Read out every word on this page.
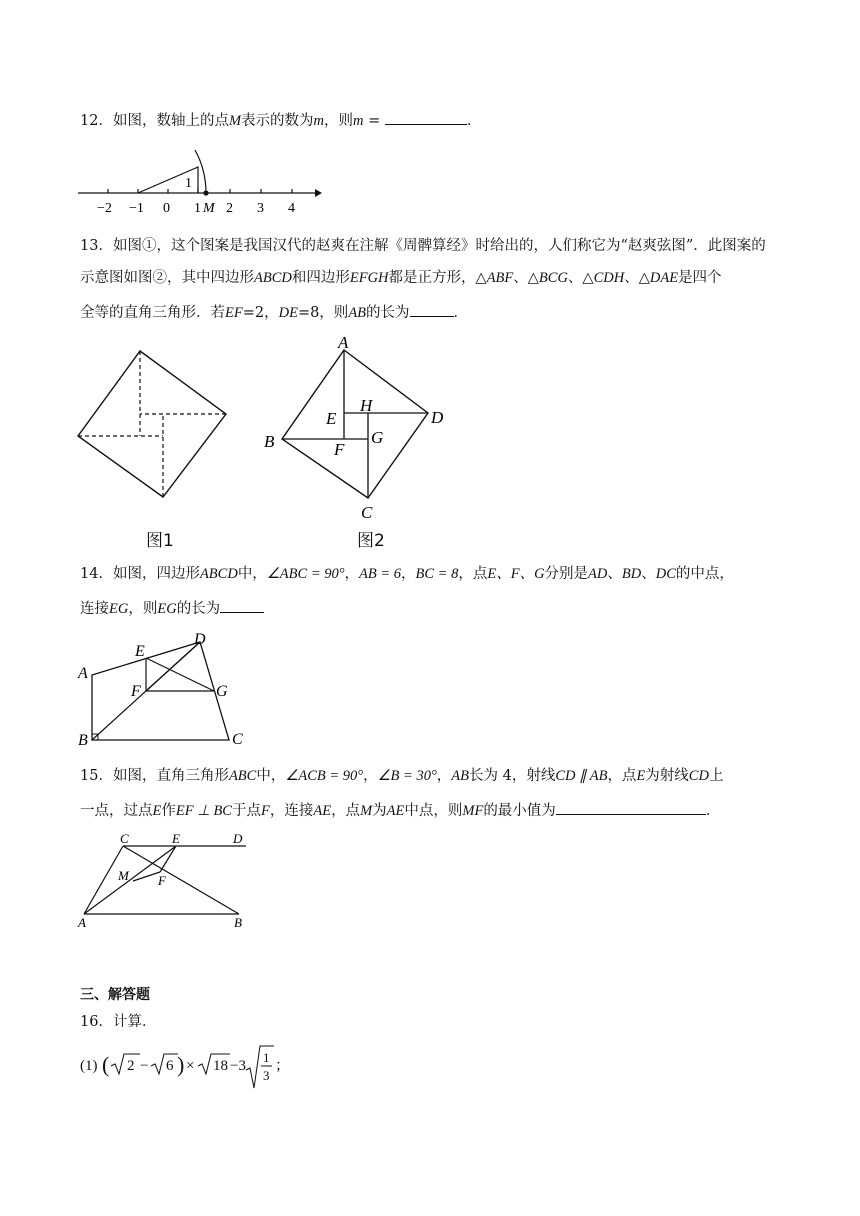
12．如图，数轴上的点M表示的数为m，则m =	．
1
−2 −1 0 1 2 3 4
M
13．如图①，这个图案是我国汉代的赵爽在注解《周髀算经》时给出的，人们称它为“赵爽弦图”．此图案的
示意图如图②，其中四边形ABCD和四边形EFGH都是正方形，△ABF、△BCG、△CDH、△DAE是四个
全等的直角三角形．若EF=2，DE=8，则AB的长为	．
A
B
C
D
E
F
G
H
图1	图2
14．如图，四边形ABCD中，∠ABC = 90°，AB = 6，BC = 8，点E、F、G分别是AD、BD、DC的中点，
连接EG，则EG的长为
A
B	C
D
E
F	G
15．如图，直角三角形ABC中，∠ACB = 90°，∠B = 30°，AB长为 4，射线CD ∥ AB，点E为射线CD上
一点，过点E作EF ⊥ BC于点F，连接AE，点M为AE中点，则MF的最小值为	．
C	E	D
M F
A	B
三、解答题
16．计算．
(1) ( 2 − 6 ) × 18 −3
1
3
；
